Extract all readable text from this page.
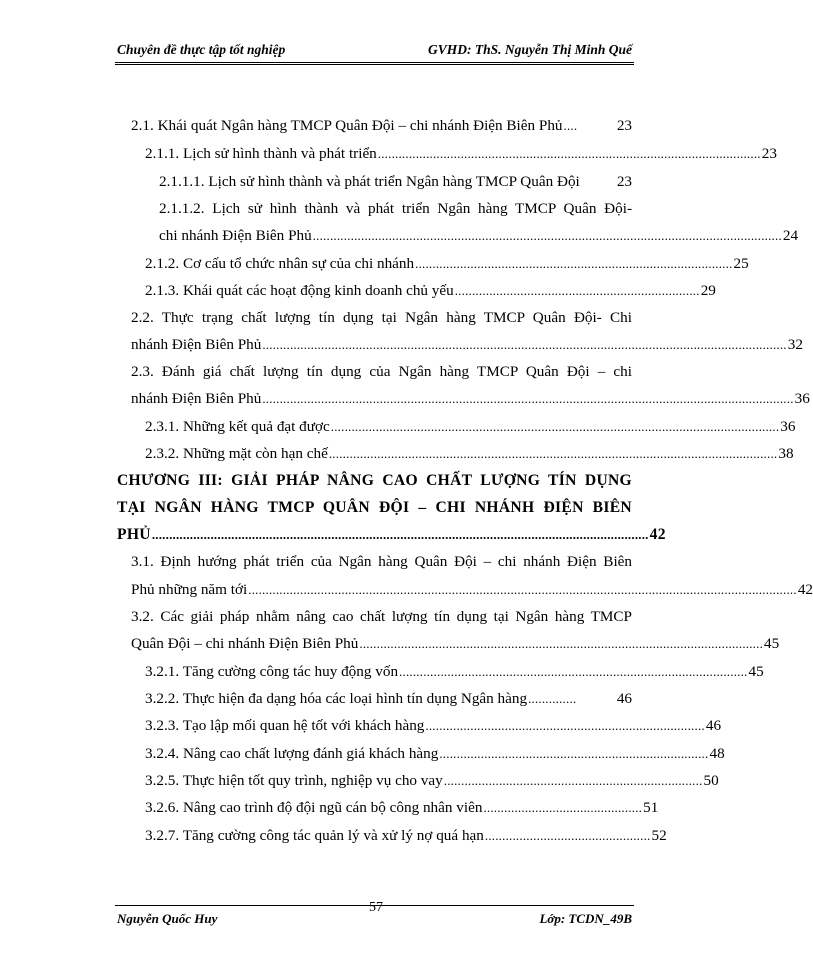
Chuyên đề thực tập tốt nghiệp	GVHD: ThS. Nguyễn Thị Minh Quế
2.1. Khái quát Ngân hàng TMCP Quân Đội – chi nhánh Điện Biên Phủ ....	23
2.1.1. Lịch sử hình thành và phát triển ............................................................................................................... 23
2.1.1.1. Lịch sử hình thành và phát triển Ngân hàng TMCP Quân Đội 23
2.1.1.2. Lịch sử hình thành và phát triển Ngân hàng TMCP Quân Đội-
chi nhánh Điện Biên Phủ ........................................................................................................................................ 24
2.1.2. Cơ cấu tổ chức nhân sự của chi nhánh ............................................................................................ 25
2.1.3. Khái quát các hoạt động kinh doanh chủ yếu ....................................................................... 29
2.2. Thực trạng chất lượng tín dụng tại Ngân hàng TMCP Quân Đội- Chi
nhánh Điện Biên Phủ ........................................................................................................................................................ 32
2.3. Đánh giá chất lượng tín dụng của Ngân hàng TMCP Quân Đội – chi
nhánh Điện Biên Phủ .......................................................................................................................................................... 36
2.3.1. Những kết quả đạt được .................................................................................................................................. 36
2.3.2. Những mặt còn hạn chế .................................................................................................................................. 38
CHƯƠNG III: GIẢI PHÁP NÂNG CAO CHẤT LƯỢNG TÍN DỤNG
TẠI NGÂN HÀNG TMCP QUÂN ĐỘI – CHI NHÁNH ĐIỆN BIÊN
PHỦ ................................................................................................................................................ 42
3.1. Định hướng phát triển của Ngân hàng Quân Đội – chi nhánh Điện Biên
Phủ những năm tới ............................................................................................................................................................... 42
3.2. Các giải pháp nhằm nâng cao chất lượng tín dụng tại Ngân hàng TMCP
Quân Đội – chi nhánh Điện Biên Phủ ..................................................................................................................... 45
3.2.1. Tăng cường công tác huy động vốn ..................................................................................................... 45
3.2.2. Thực hiện đa dạng hóa các loại hình tín dụng Ngân hàng ..............	46
3.2.3. Tạo lập mối quan hệ tốt với khách hàng ................................................................................. 46
3.2.4. Nâng cao chất lượng đánh giá khách hàng .............................................................................. 48
3.2.5. Thực hiện tốt quy trình, nghiệp vụ cho vay ........................................................................... 50
3.2.6. Nâng cao trình độ đội ngũ cán bộ công nhân viên .............................................. 51
3.2.7. Tăng cường công tác quản lý và xử lý nợ quá hạn ................................................ 52
Nguyễn Quốc Huy
57
Lớp: TCDN_49B
